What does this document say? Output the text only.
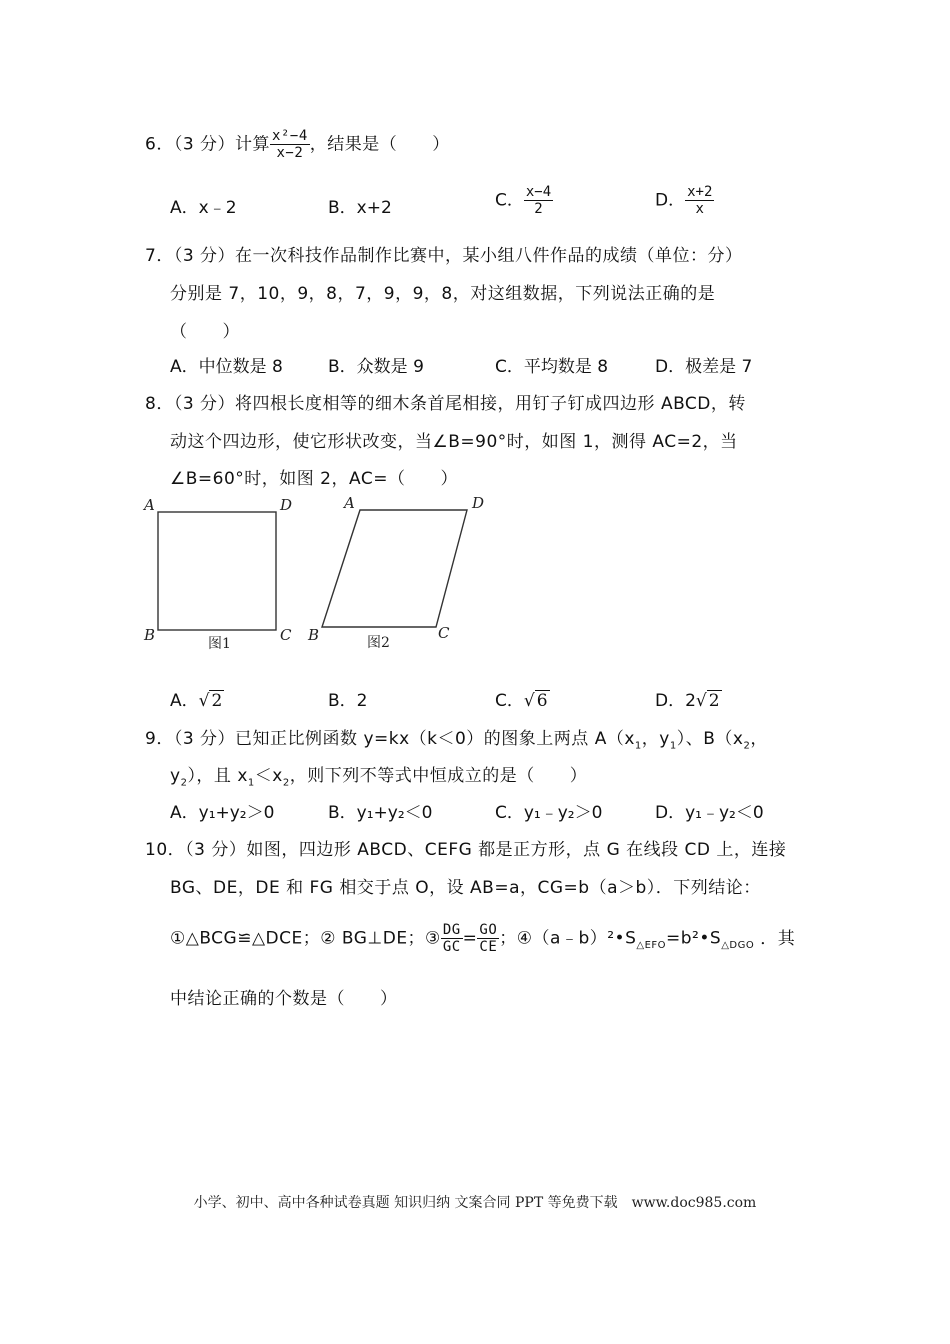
6．（3 分）计算 $\frac{\text{x²−4}}{x-2}$ ，结果是（　　）
A．x﹣2	B．x+2	C． $\frac{x-4}{2}$	D． $\frac{x+2}{x}$
7．（3 分）在一次科技作品制作比赛中，某小组八件作品的成绩（单位：分）
分别是 7，10，9，8，7，9，9，8，对这组数据，下列说法正确的是
（　　）
A．中位数是 8	B．众数是 9	C．平均数是 8	D．极差是 7
8．（3 分）将四根长度相等的细木条首尾相接，用钉子钉成四边形 ABCD，转
动这个四边形，使它形状改变，当∠B=90°时，如图 1，测得 AC=2，当
∠B=60°时，如图 2，AC=（　　）
A	D
B	C
图1
A	D
B	C
图2
A．√ 2	B．2	C．√ 6	D．2√ 2
9．（3 分）已知正比例函数 y=kx（k＜0）的图象上两点 $A(x_1$，$y_1$）、$B(x_2$，
$y_2$），且 $x_1<x_2$，则下列不等式中恒成立的是（　　）
A．y₁+y₂＞0	B．y₁+y₂＜0	C．y₁﹣y₂＞0	D．y₁﹣y₂＜0
10．（3 分）如图，四边形 ABCD、CEFG 都是正方形，点 G 在线段 CD 上，连接
BG、DE，DE 和 FG 相交于点 O，设 AB=a，CG=b（a＞b）．下列结论：
①△BCG≌△DCE；② BG⊥DE；③ $\frac{DG}{GC} = \frac{GO}{CE}$ ；$④(a﹣b)^2•S_{\triangle EFO}=b^2•S_{\triangle DGO}$ ．其
中结论正确的个数是（　　）
小学、初中、高中各种试卷真题 知识归纳 文案合同 PPT 等免费下载　www.doc985.com
